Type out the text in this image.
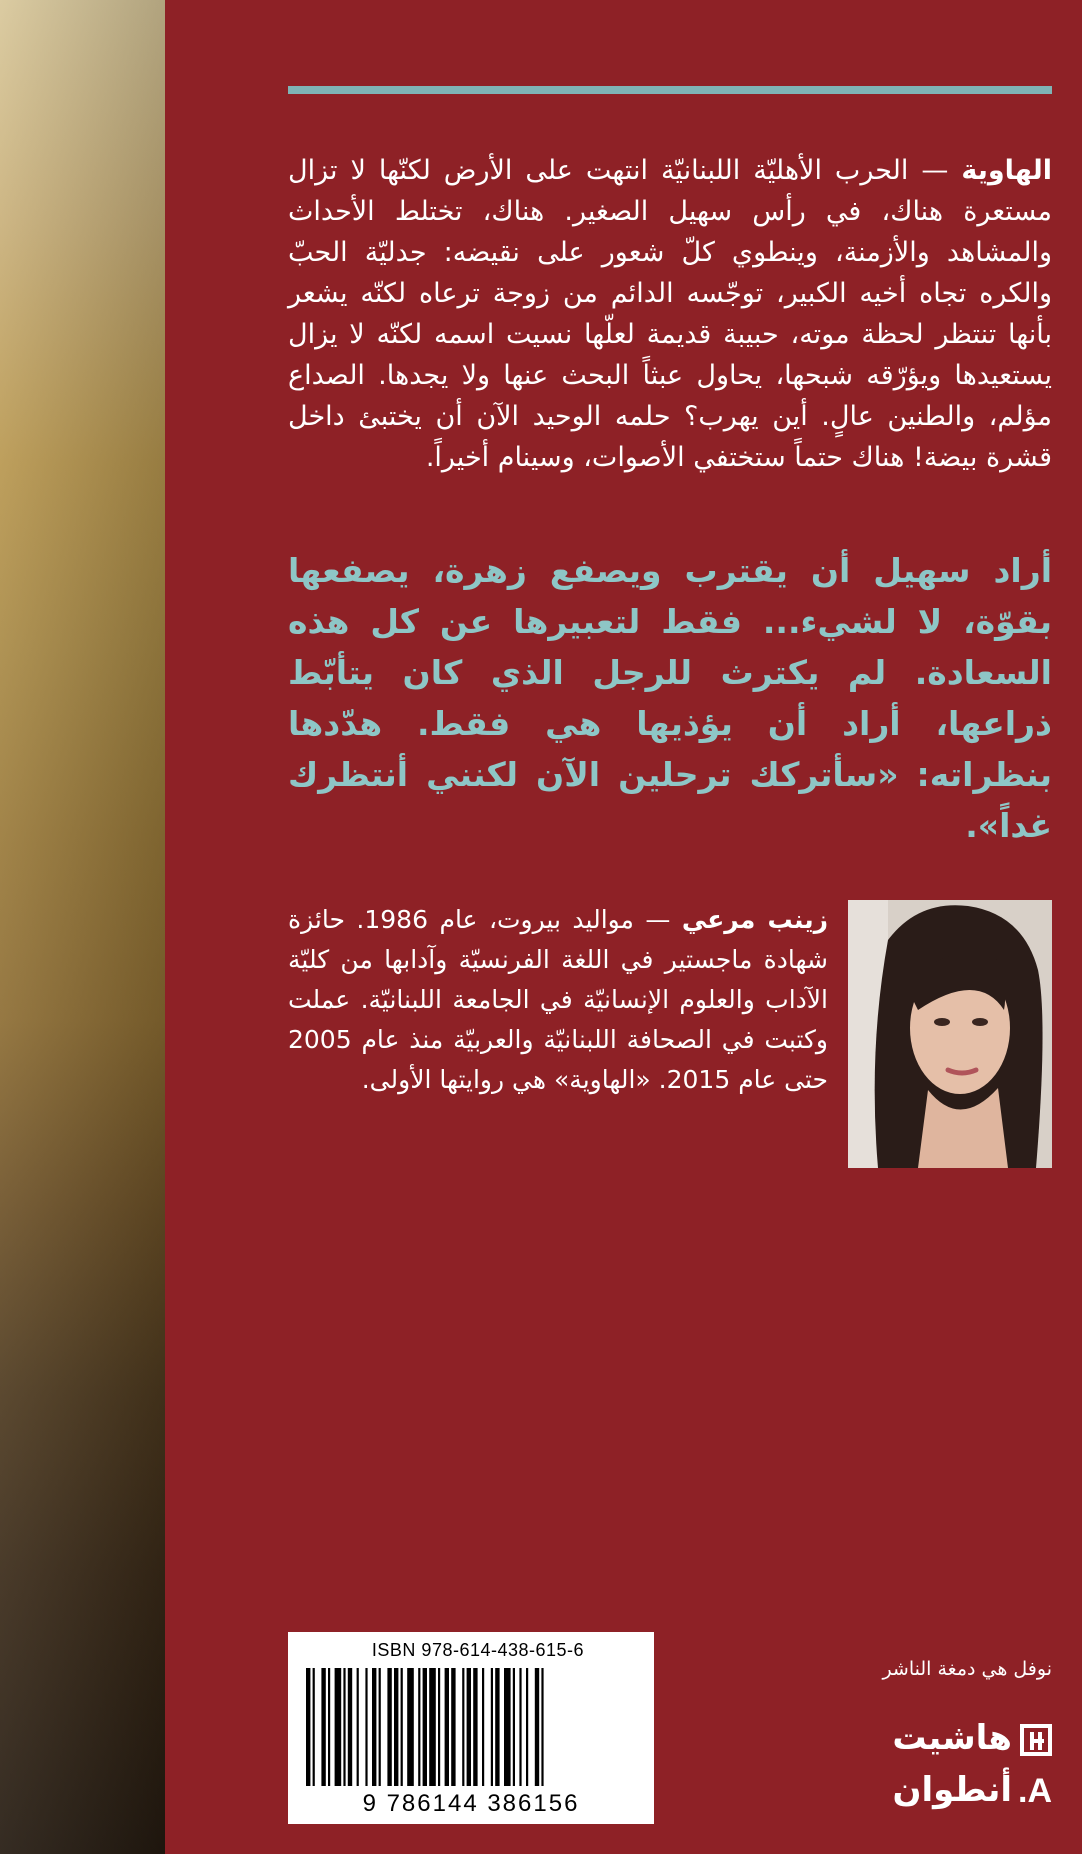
الهاوية — الحرب الأهليّة اللبنانيّة انتهت على الأرض لكنّها لا تزال مستعرة هناك، في رأس سهيل الصغير. هناك، تختلط الأحداث والمشاهد والأزمنة، وينطوي كلّ شعور على نقيضه: جدليّة الحبّ والكره تجاه أخيه الكبير، توجّسه الدائم من زوجة ترعاه لكنّه يشعر بأنها تنتظر لحظة موته، حبيبة قديمة لعلّها نسيت اسمه لكنّه لا يزال يستعيدها ويؤرّقه شبحها، يحاول عبثاً البحث عنها ولا يجدها. الصداع مؤلم، والطنين عالٍ. أين يهرب؟ حلمه الوحيد الآن أن يختبئ داخل قشرة بيضة! هناك حتماً ستختفي الأصوات، وسينام أخيراً.
أراد سهيل أن يقترب ويصفع زهرة، يصفعها بقوّة، لا لشيء... فقط لتعبيرها عن كل هذه السعادة. لم يكترث للرجل الذي كان يتأبّط ذراعها، أراد أن يؤذيها هي فقط. هدّدها بنظراته: «سأتركك ترحلين الآن لكنني أنتظرك غداً».
زينب مرعي — مواليد بيروت، عام 1986. حائزة شهادة ماجستير في اللغة الفرنسيّة وآدابها من كليّة الآداب والعلوم الإنسانيّة في الجامعة اللبنانيّة. عملت وكتبت في الصحافة اللبنانيّة والعربيّة منذ عام 2005 حتى عام 2015. «الهاوية» هي روايتها الأولى.
ISBN 978-614-438-615-6
9 786144 386156
نوفل هي دمغة الناشر
هاشيت
A.أنطوان
